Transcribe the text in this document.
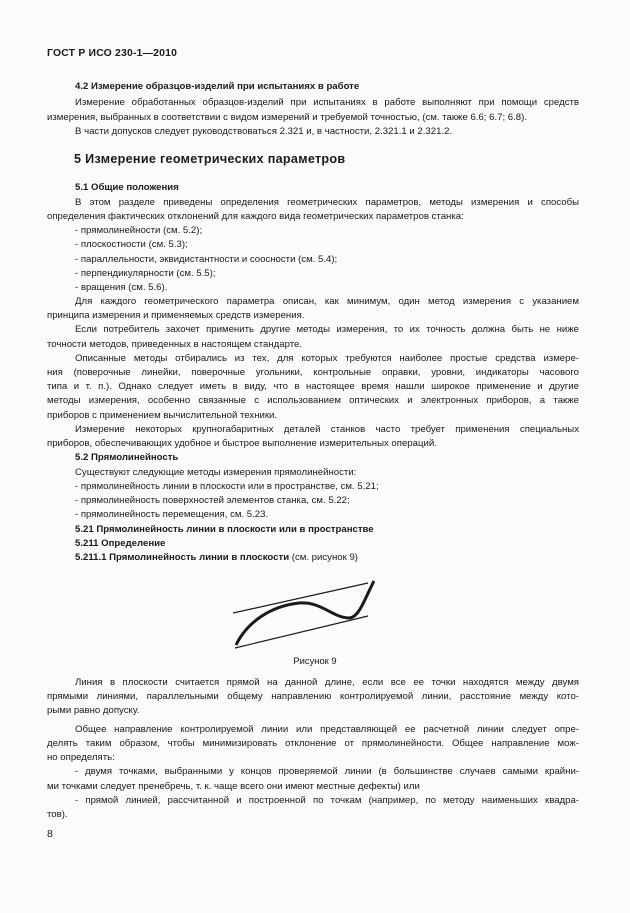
ГОСТ Р ИСО 230-1—2010
4.2 Измерение образцов-изделий при испытаниях в работе
Измерение обработанных образцов-изделий при испытаниях в работе выполняют при помощи средств
измерения, выбранных в соответствии с видом измерений и требуемой точностью, (см. также 6.6; 6.7; 6.8).
В части допусков следует руководствоваться 2.321 и, в частности, 2.321.1 и 2.321.2.
5 Измерение геометрических параметров
5.1 Общие положения
В этом разделе приведены определения геометрических параметров, методы измерения и способы
определения фактических отклонений для каждого вида геометрических параметров станка:
- прямолинейности (см. 5.2);
- плоскостности (см. 5.3);
- параллельности, эквидистантности и соосности (см. 5.4);
- перпендикулярности (см. 5.5);
- вращения (см. 5.6).
Для каждого геометрического параметра описан, как минимум, один метод измерения с указанием
принципа измерения и применяемых средств измерения.
Если потребитель захочет применить другие методы измерения, то их точность должна быть не ниже
точности методов, приведенных в настоящем стандарте.
Описанные методы отбирались из тех, для которых требуются наиболее простые средства измере-
ния (поверочные линейки, поверочные угольники, контрольные оправки, уровни, индикаторы часового
типа и т. п.). Однако следует иметь в виду, что в настоящее время нашли широкое применение и другие
методы измерения, особенно связанные с использованием оптических и электронных приборов, а также
приборов с применением вычислительной техники.
Измерение некоторых крупногабаритных деталей станков часто требует применения специальных
приборов, обеспечивающих удобное и быстрое выполнение измерительных операций.
5.2 Прямолинейность
Существуют следующие методы измерения прямолинейности:
- прямолинейность линии в плоскости или в пространстве, см. 5.21;
- прямолинейность поверхностей элементов станка, см. 5.22;
- прямолинейность перемещения, см. 5.23.
5.21 Прямолинейность линии в плоскости или в пространстве
5.211 Определение
5.211.1 Прямолинейность линии в плоскости (см. рисунок 9)
Рисунок 9
Линия в плоскости считается прямой на данной длине, если все ее точки находятся между двумя
прямыми линиями, параллельными общему направлению контролируемой линии, расстояние между кото-
рыми равно допуску.
Общее направление контролируемой линии или представляющей ее расчетной линии следует опре-
делять таким образом, чтобы минимизировать отклонение от прямолинейности. Общее направление мож-
но определять:
- двумя точками, выбранными у концов проверяемой линии (в большинстве случаев самыми крайни-
ми точками следует пренебречь, т. к. чаще всего они имеют местные дефекты) или
- прямой линией, рассчитанной и построенной по точкам (например, по методу наименьших квадра-
тов).
8
